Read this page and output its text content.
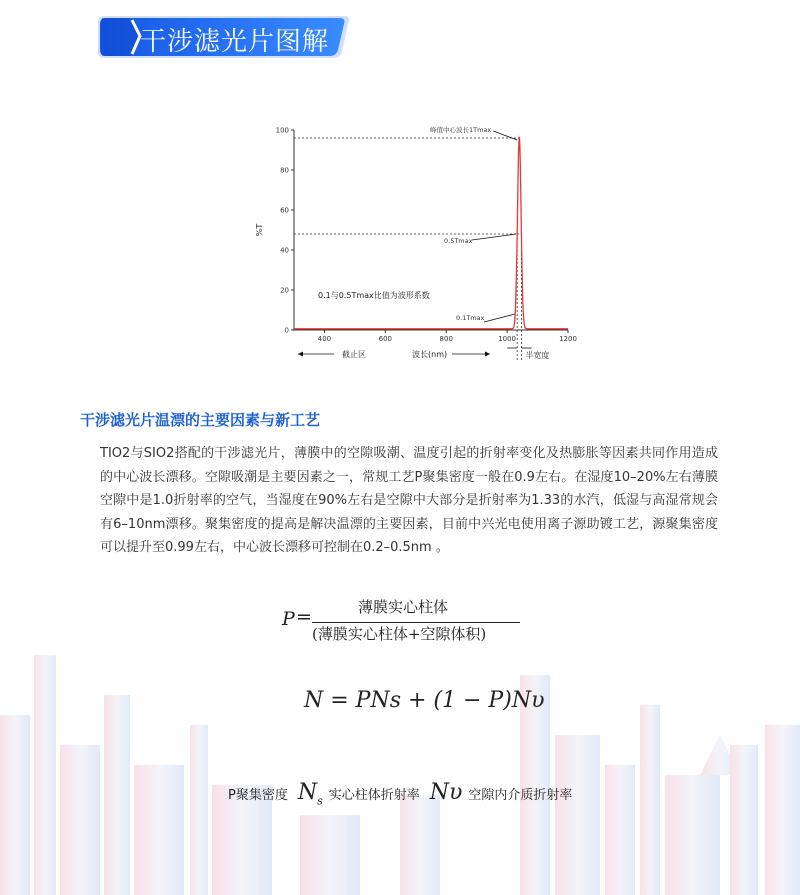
干涉滤光片图解
0
20
40
60
80
100
400	600	800	1000	1200
%T
峰值中心波长1Tmax
0.5Tmax
0.1Tmax
0.1与0.5Tmax比值为波形系数
截止区	波长(nm)	半宽度
干涉滤光片温漂的主要因素与新工艺
TIO2与SIO2搭配的干涉滤光片，薄膜中的空隙吸潮、温度引起的折射率变化及热膨胀等因素共同作用造成的中心波长漂移。空隙吸潮是主要因素之一，常规工艺P聚集密度一般在0.9左右。在湿度10–20%左右薄膜空隙中是1.0折射率的空气，当湿度在90%左右是空隙中大部分是折射率为1.33的水汽，低湿与高湿常规会有6–10nm漂移。聚集密度的提高是解决温漂的主要因素，目前中兴光电使用离子源助镀工艺，源聚集密度可以提升至0.99左右，中心波长漂移可控制在0.2–0.5nm 。
P =	薄膜实心柱体
(薄膜实心柱体+空隙体积)
N = PNs + (1 − P)Nυ
P聚集密度 $N_s$ 实心柱体折射率 Nυ 空隙内介质折射率
